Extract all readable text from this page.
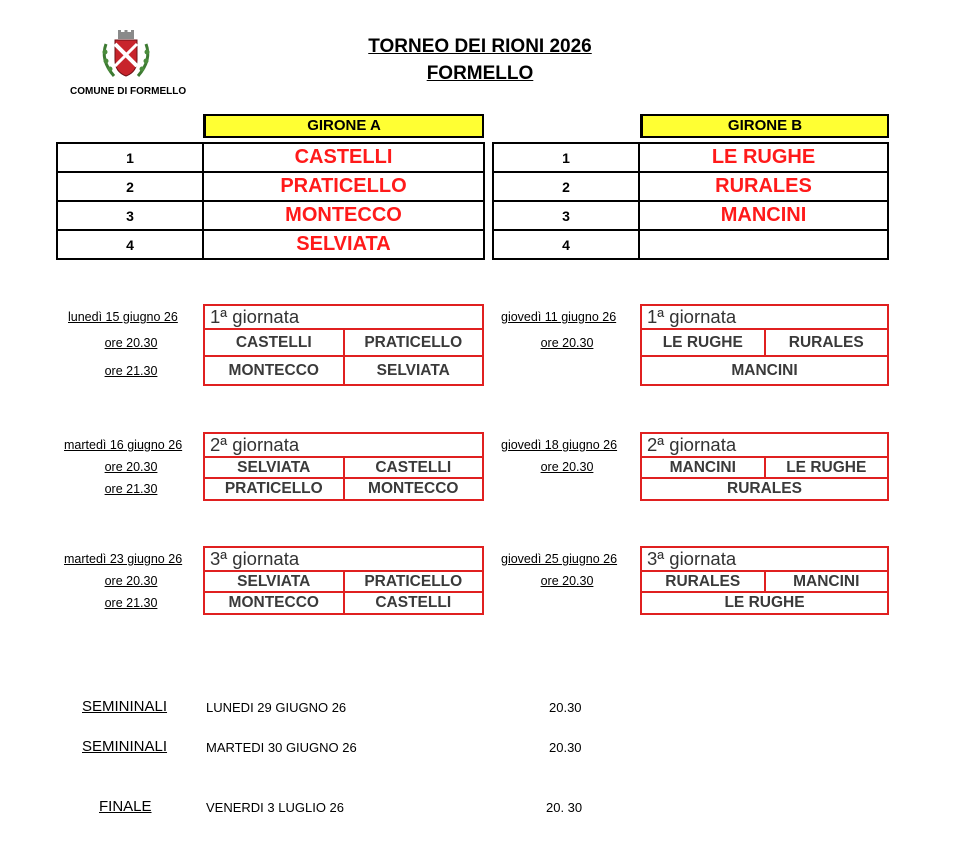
COMUNE DI FORMELLO
TORNEO DEI RIONI 2026
FORMELLO
GIRONE A	GIRONE B
1	CASTELLI
2	PRATICELLO
3	MONTECCO
4	SELVIATA
1	LE RUGHE
2	RURALES
3	MANCINI
4	
lunedì 15 giugno 26
ore 20.30
ore 21.30
1ª giornata
CASTELLI	PRATICELLO
MONTECCO	SELVIATA
martedì 16 giugno 26
ore 20.30
ore 21.30
2ª giornata
SELVIATA	CASTELLI
PRATICELLO	MONTECCO
martedì 23 giugno 26
ore 20.30
ore 21.30
3ª giornata
SELVIATA	PRATICELLO
MONTECCO	CASTELLI
giovedì 11 giugno 26
ore 20.30
1ª giornata
LE RUGHE	RURALES
MANCINI
giovedì 18 giugno 26
ore 20.30
2ª giornata
MANCINI	LE RUGHE
RURALES
giovedì 25 giugno 26
ore 20.30
3ª giornata
RURALES	MANCINI
LE RUGHE
SEMININALI	LUNEDI 29 GIUGNO 26	20.30
SEMININALI	MARTEDI 30 GIUGNO 26	20.30
FINALE	VENERDI 3 LUGLIO 26	20. 30
